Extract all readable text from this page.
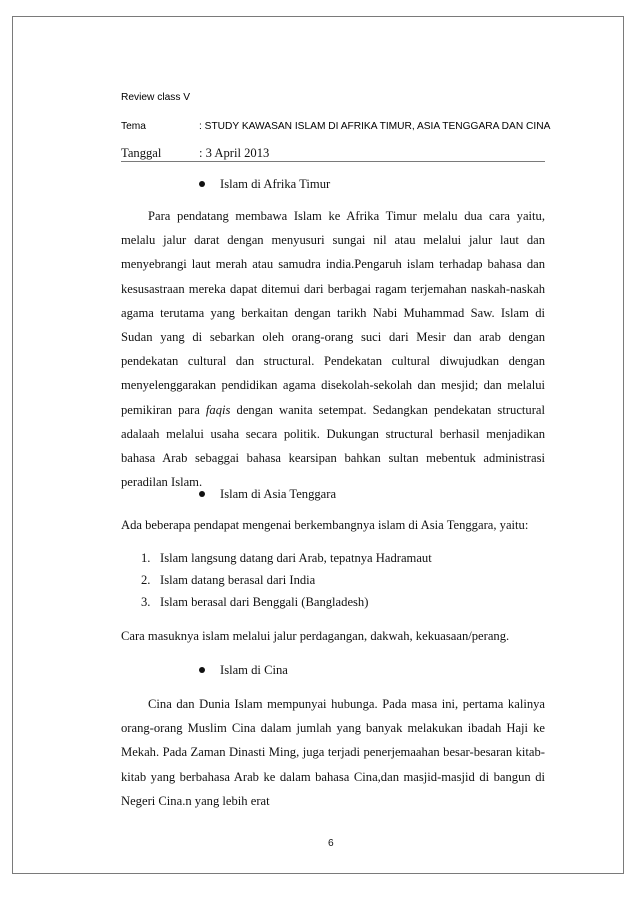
Review class V
Tema	: STUDY KAWASAN ISLAM DI AFRIKA TIMUR, ASIA TENGGARA DAN CINA
Tanggal	: 3 April 2013
Islam di Afrika Timur
Para pendatang membawa Islam ke Afrika Timur melalu dua cara yaitu, melalu jalur darat dengan menyusuri sungai nil atau melalui jalur laut dan menyebrangi laut merah atau samudra india.Pengaruh islam terhadap bahasa dan kesusastraan mereka dapat ditemui dari berbagai ragam terjemahan naskah-naskah agama terutama yang berkaitan dengan tarikh Nabi Muhammad Saw. Islam di Sudan yang di sebarkan oleh orang-orang suci dari Mesir dan arab dengan pendekatan cultural dan structural. Pendekatan cultural diwujudkan dengan menyelenggarakan pendidikan agama disekolah-sekolah dan mesjid; dan melalui pemikiran para faqis dengan wanita setempat. Sedangkan pendekatan structural adalaah melalui usaha secara politik. Dukungan structural berhasil menjadikan bahasa Arab sebaggai bahasa kearsipan bahkan sultan mebentuk administrasi peradilan Islam.
Islam di Asia Tenggara
Ada beberapa pendapat mengenai berkembangnya islam di Asia Tenggara, yaitu:
1. Islam langsung datang dari Arab, tepatnya Hadramaut
2. Islam datang berasal dari India
3. Islam berasal dari Benggali (Bangladesh)
Cara masuknya islam melalui jalur perdagangan, dakwah, kekuasaan/perang.
Islam di Cina
Cina dan Dunia Islam mempunyai hubunga. Pada masa ini, pertama kalinya orang-orang Muslim Cina dalam jumlah yang banyak melakukan ibadah Haji ke Mekah. Pada Zaman Dinasti Ming, juga terjadi penerjemaahan besar-besaran kitab-kitab yang berbahasa Arab ke dalam bahasa Cina,dan masjid-masjid di bangun di Negeri Cina.n yang lebih erat
6
